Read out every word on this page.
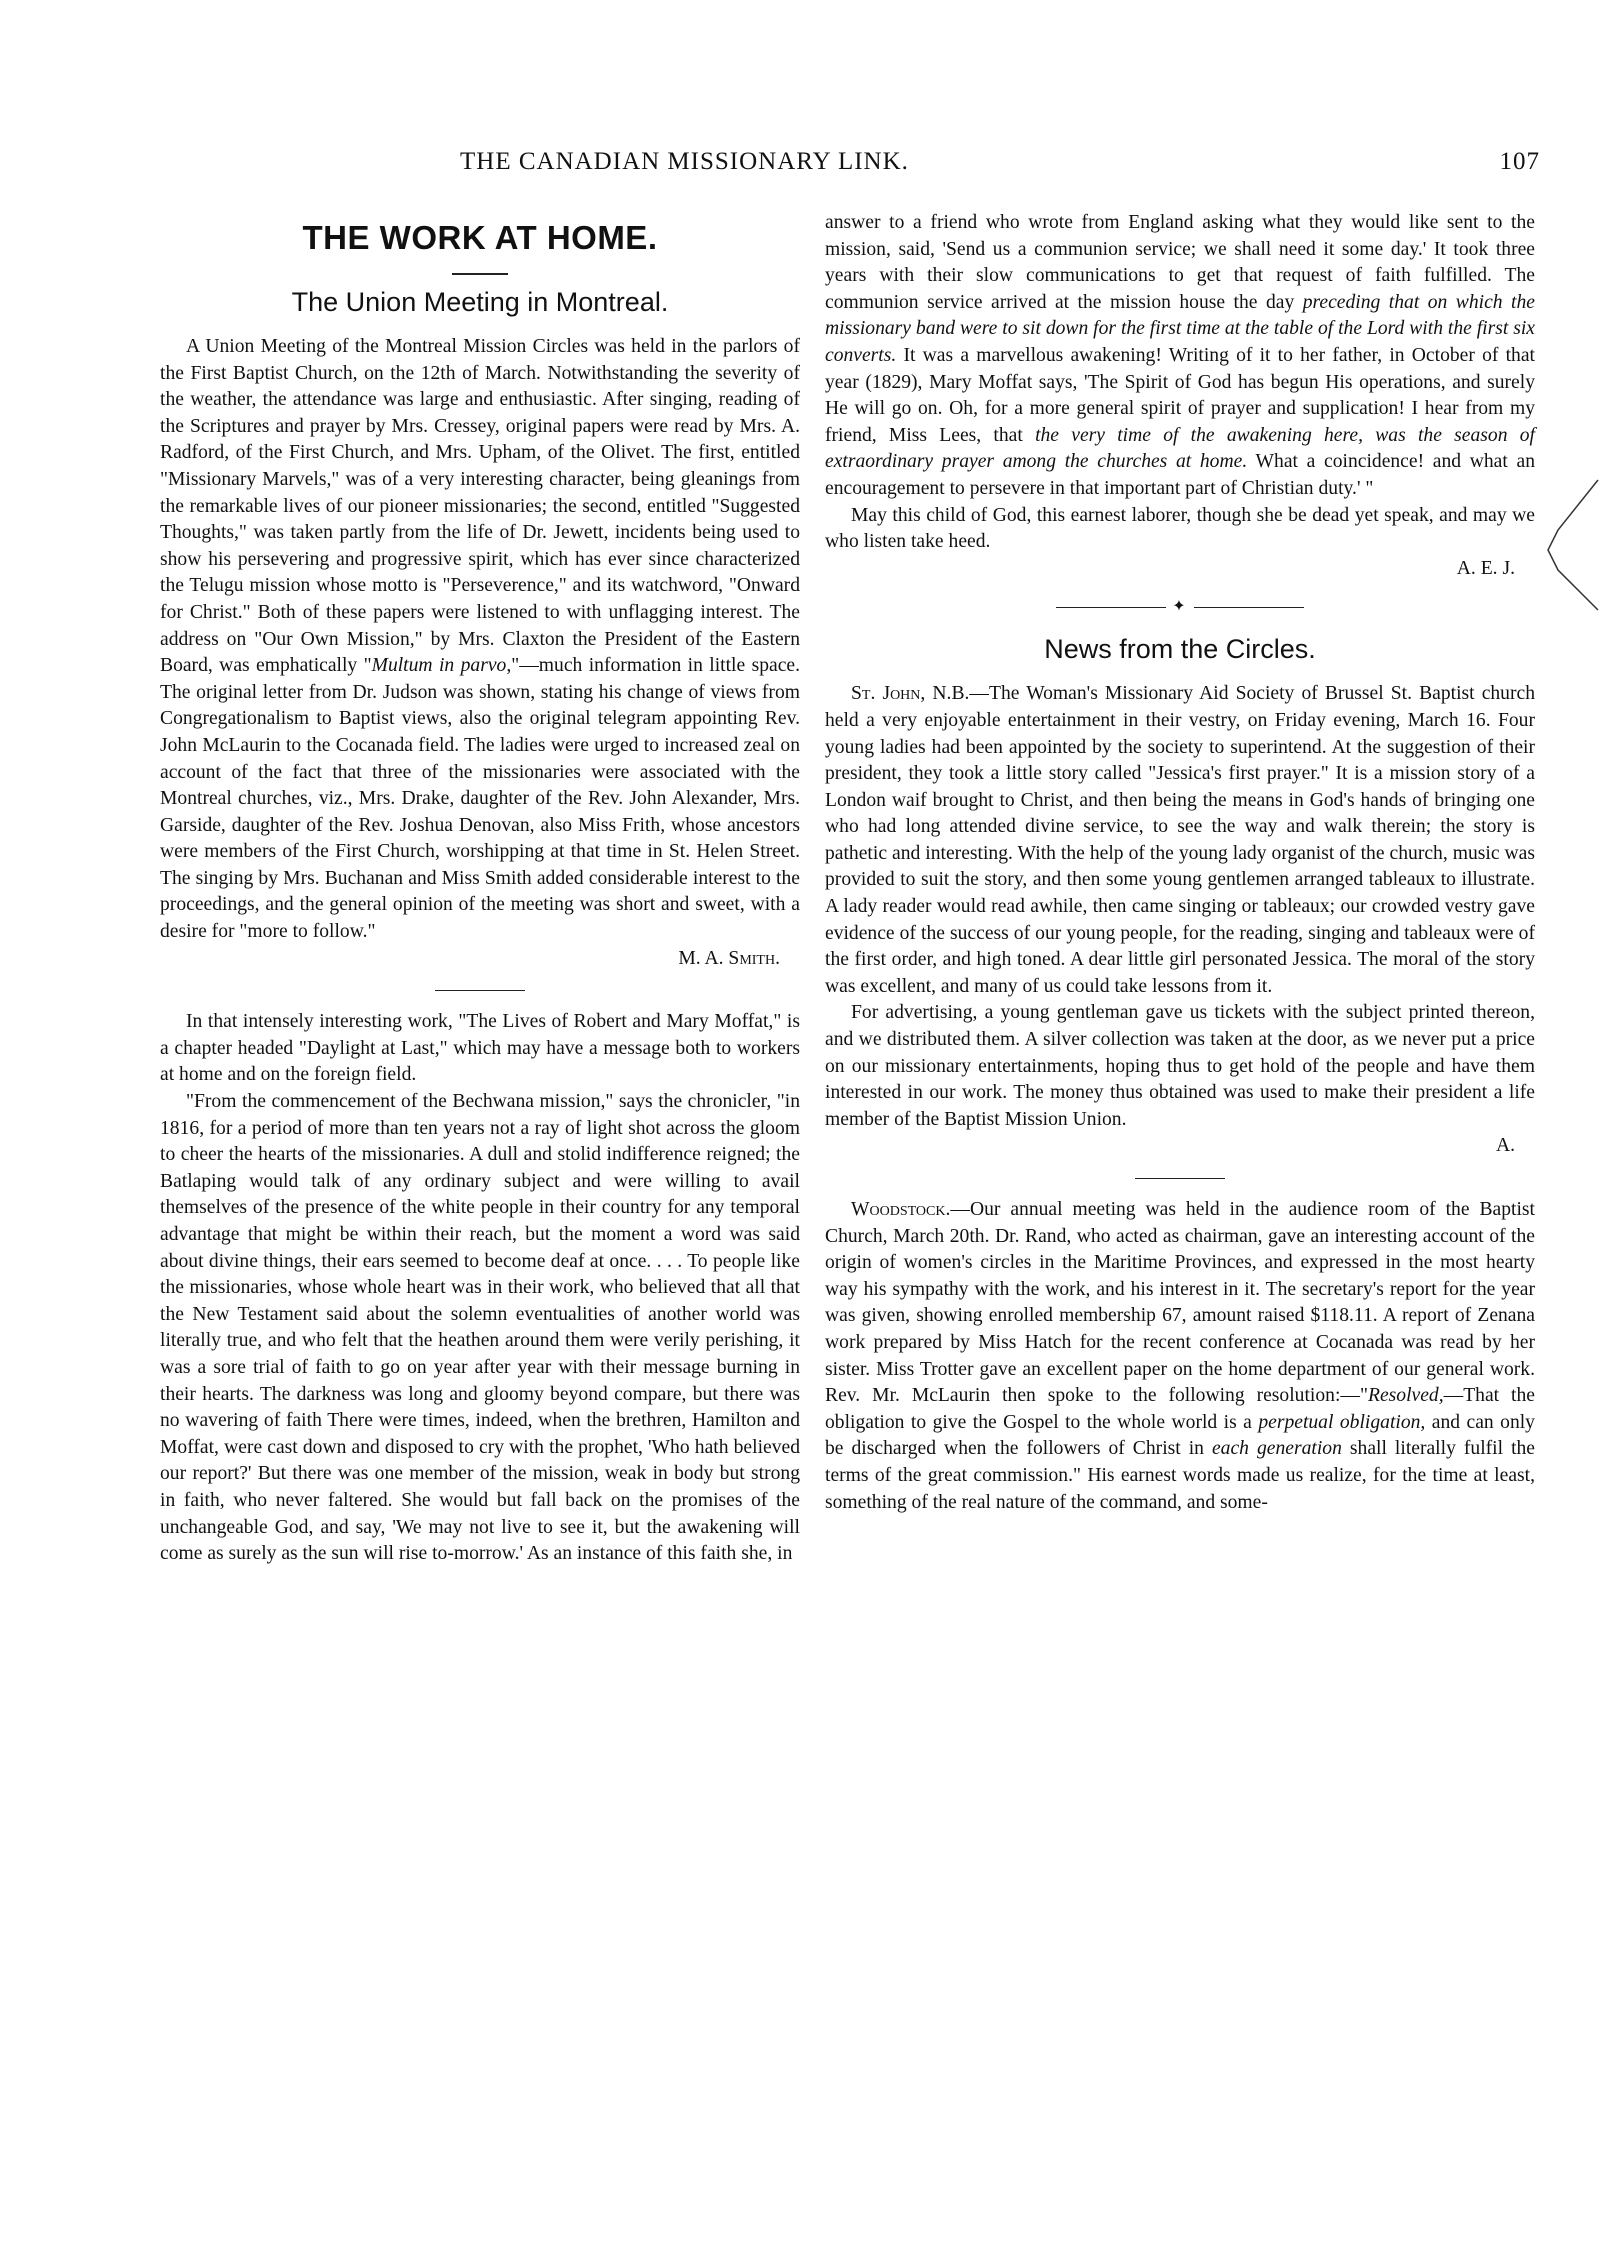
THE CANADIAN MISSIONARY LINK.	107
THE WORK AT HOME.
The Union Meeting in Montreal.

A Union Meeting of the Montreal Mission Circles was held in the parlors of the First Baptist Church, on the 12th of March. Notwithstanding the severity of the weather, the attendance was large and enthusiastic. After singing, reading of the Scriptures and prayer by Mrs. Cressey, original papers were read by Mrs. A. Radford, of the First Church, and Mrs. Upham, of the Olivet. The first, entitled "Missionary Marvels," was of a very interesting character, being gleanings from the remarkable lives of our pioneer missionaries; the second, entitled "Suggested Thoughts," was taken partly from the life of Dr. Jewett, incidents being used to show his persevering and progressive spirit, which has ever since characterized the Telugu mission whose motto is "Perseverence," and its watchword, "Onward for Christ." Both of these papers were listened to with unflagging interest. The address on "Our Own Mission," by Mrs. Claxton the President of the Eastern Board, was emphatically "Multum in parvo,"—much information in little space. The original letter from Dr. Judson was shown, stating his change of views from Congregationalism to Baptist views, also the original telegram appointing Rev. John McLaurin to the Cocanada field. The ladies were urged to increased zeal on account of the fact that three of the missionaries were associated with the Montreal churches, viz., Mrs. Drake, daughter of the Rev. John Alexander, Mrs. Garside, daughter of the Rev. Joshua Denovan, also Miss Frith, whose ancestors were members of the First Church, worshipping at that time in St. Helen Street. The singing by Mrs. Buchanan and Miss Smith added considerable interest to the proceedings, and the general opinion of the meeting was short and sweet, with a desire for "more to follow."

M. A. Smith.

In that intensely interesting work, "The Lives of Robert and Mary Moffat," is a chapter headed "Daylight at Last," which may have a message both to workers at home and on the foreign field.

"From the commencement of the Bechwana mission," says the chronicler, "in 1816, for a period of more than ten years not a ray of light shot across the gloom to cheer the hearts of the missionaries. A dull and stolid indifference reigned; the Batlaping would talk of any ordinary subject and were willing to avail themselves of the presence of the white people in their country for any temporal advantage that might be within their reach, but the moment a word was said about divine things, their ears seemed to become deaf at once. . . . To people like the missionaries, whose whole heart was in their work, who believed that all that the New Testament said about the solemn eventualities of another world was literally true, and who felt that the heathen around them were verily perishing, it was a sore trial of faith to go on year after year with their message burning in their hearts. The darkness was long and gloomy beyond compare, but there was no wavering of faith There were times, indeed, when the brethren, Hamilton and Moffat, were cast down and disposed to cry with the prophet, 'Who hath believed our report?' But there was one member of the mission, weak in body but strong in faith, who never faltered. She would but fall back on the promises of the unchangeable God, and say, 'We may not live to see it, but the awakening will come as surely as the sun will rise to-morrow.' As an instance of this faith she, in

answer to a friend who wrote from England asking what they would like sent to the mission, said, 'Send us a communion service; we shall need it some day.' It took three years with their slow communications to get that request of faith fulfilled. The communion service arrived at the mission house the day preceding that on which the missionary band were to sit down for the first time at the table of the Lord with the first six converts. It was a marvellous awakening! Writing of it to her father, in October of that year (1829), Mary Moffat says, 'The Spirit of God has begun His operations, and surely He will go on. Oh, for a more general spirit of prayer and supplication! I hear from my friend, Miss Lees, that the very time of the awakening here, was the season of extraordinary prayer among the churches at home. What a coincidence! and what an encouragement to persevere in that important part of Christian duty.' "

May this child of God, this earnest laborer, though she be dead yet speak, and may we who listen take heed.

A. E. J.

✦
News from the Circles.

St. John, N.B.—The Woman's Missionary Aid Society of Brussel St. Baptist church held a very enjoyable entertainment in their vestry, on Friday evening, March 16. Four young ladies had been appointed by the society to superintend. At the suggestion of their president, they took a little story called "Jessica's first prayer." It is a mission story of a London waif brought to Christ, and then being the means in God's hands of bringing one who had long attended divine service, to see the way and walk therein; the story is pathetic and interesting. With the help of the young lady organist of the church, music was provided to suit the story, and then some young gentlemen arranged tableaux to illustrate. A lady reader would read awhile, then came singing or tableaux; our crowded vestry gave evidence of the success of our young people, for the reading, singing and tableaux were of the first order, and high toned. A dear little girl personated Jessica. The moral of the story was excellent, and many of us could take lessons from it.

For advertising, a young gentleman gave us tickets with the subject printed thereon, and we distributed them. A silver collection was taken at the door, as we never put a price on our missionary entertainments, hoping thus to get hold of the people and have them interested in our work. The money thus obtained was used to make their president a life member of the Baptist Mission Union.

A.

Woodstock.—Our annual meeting was held in the audience room of the Baptist Church, March 20th. Dr. Rand, who acted as chairman, gave an interesting account of the origin of women's circles in the Maritime Provinces, and expressed in the most hearty way his sympathy with the work, and his interest in it. The secretary's report for the year was given, showing enrolled membership 67, amount raised $118.11. A report of Zenana work prepared by Miss Hatch for the recent conference at Cocanada was read by her sister. Miss Trotter gave an excellent paper on the home department of our general work. Rev. Mr. McLaurin then spoke to the following resolution:—"Resolved,—That the obligation to give the Gospel to the whole world is a perpetual obligation, and can only be discharged when the followers of Christ in each generation shall literally fulfil the terms of the great commission." His earnest words made us realize, for the time at least, something of the real nature of the command, and some-
